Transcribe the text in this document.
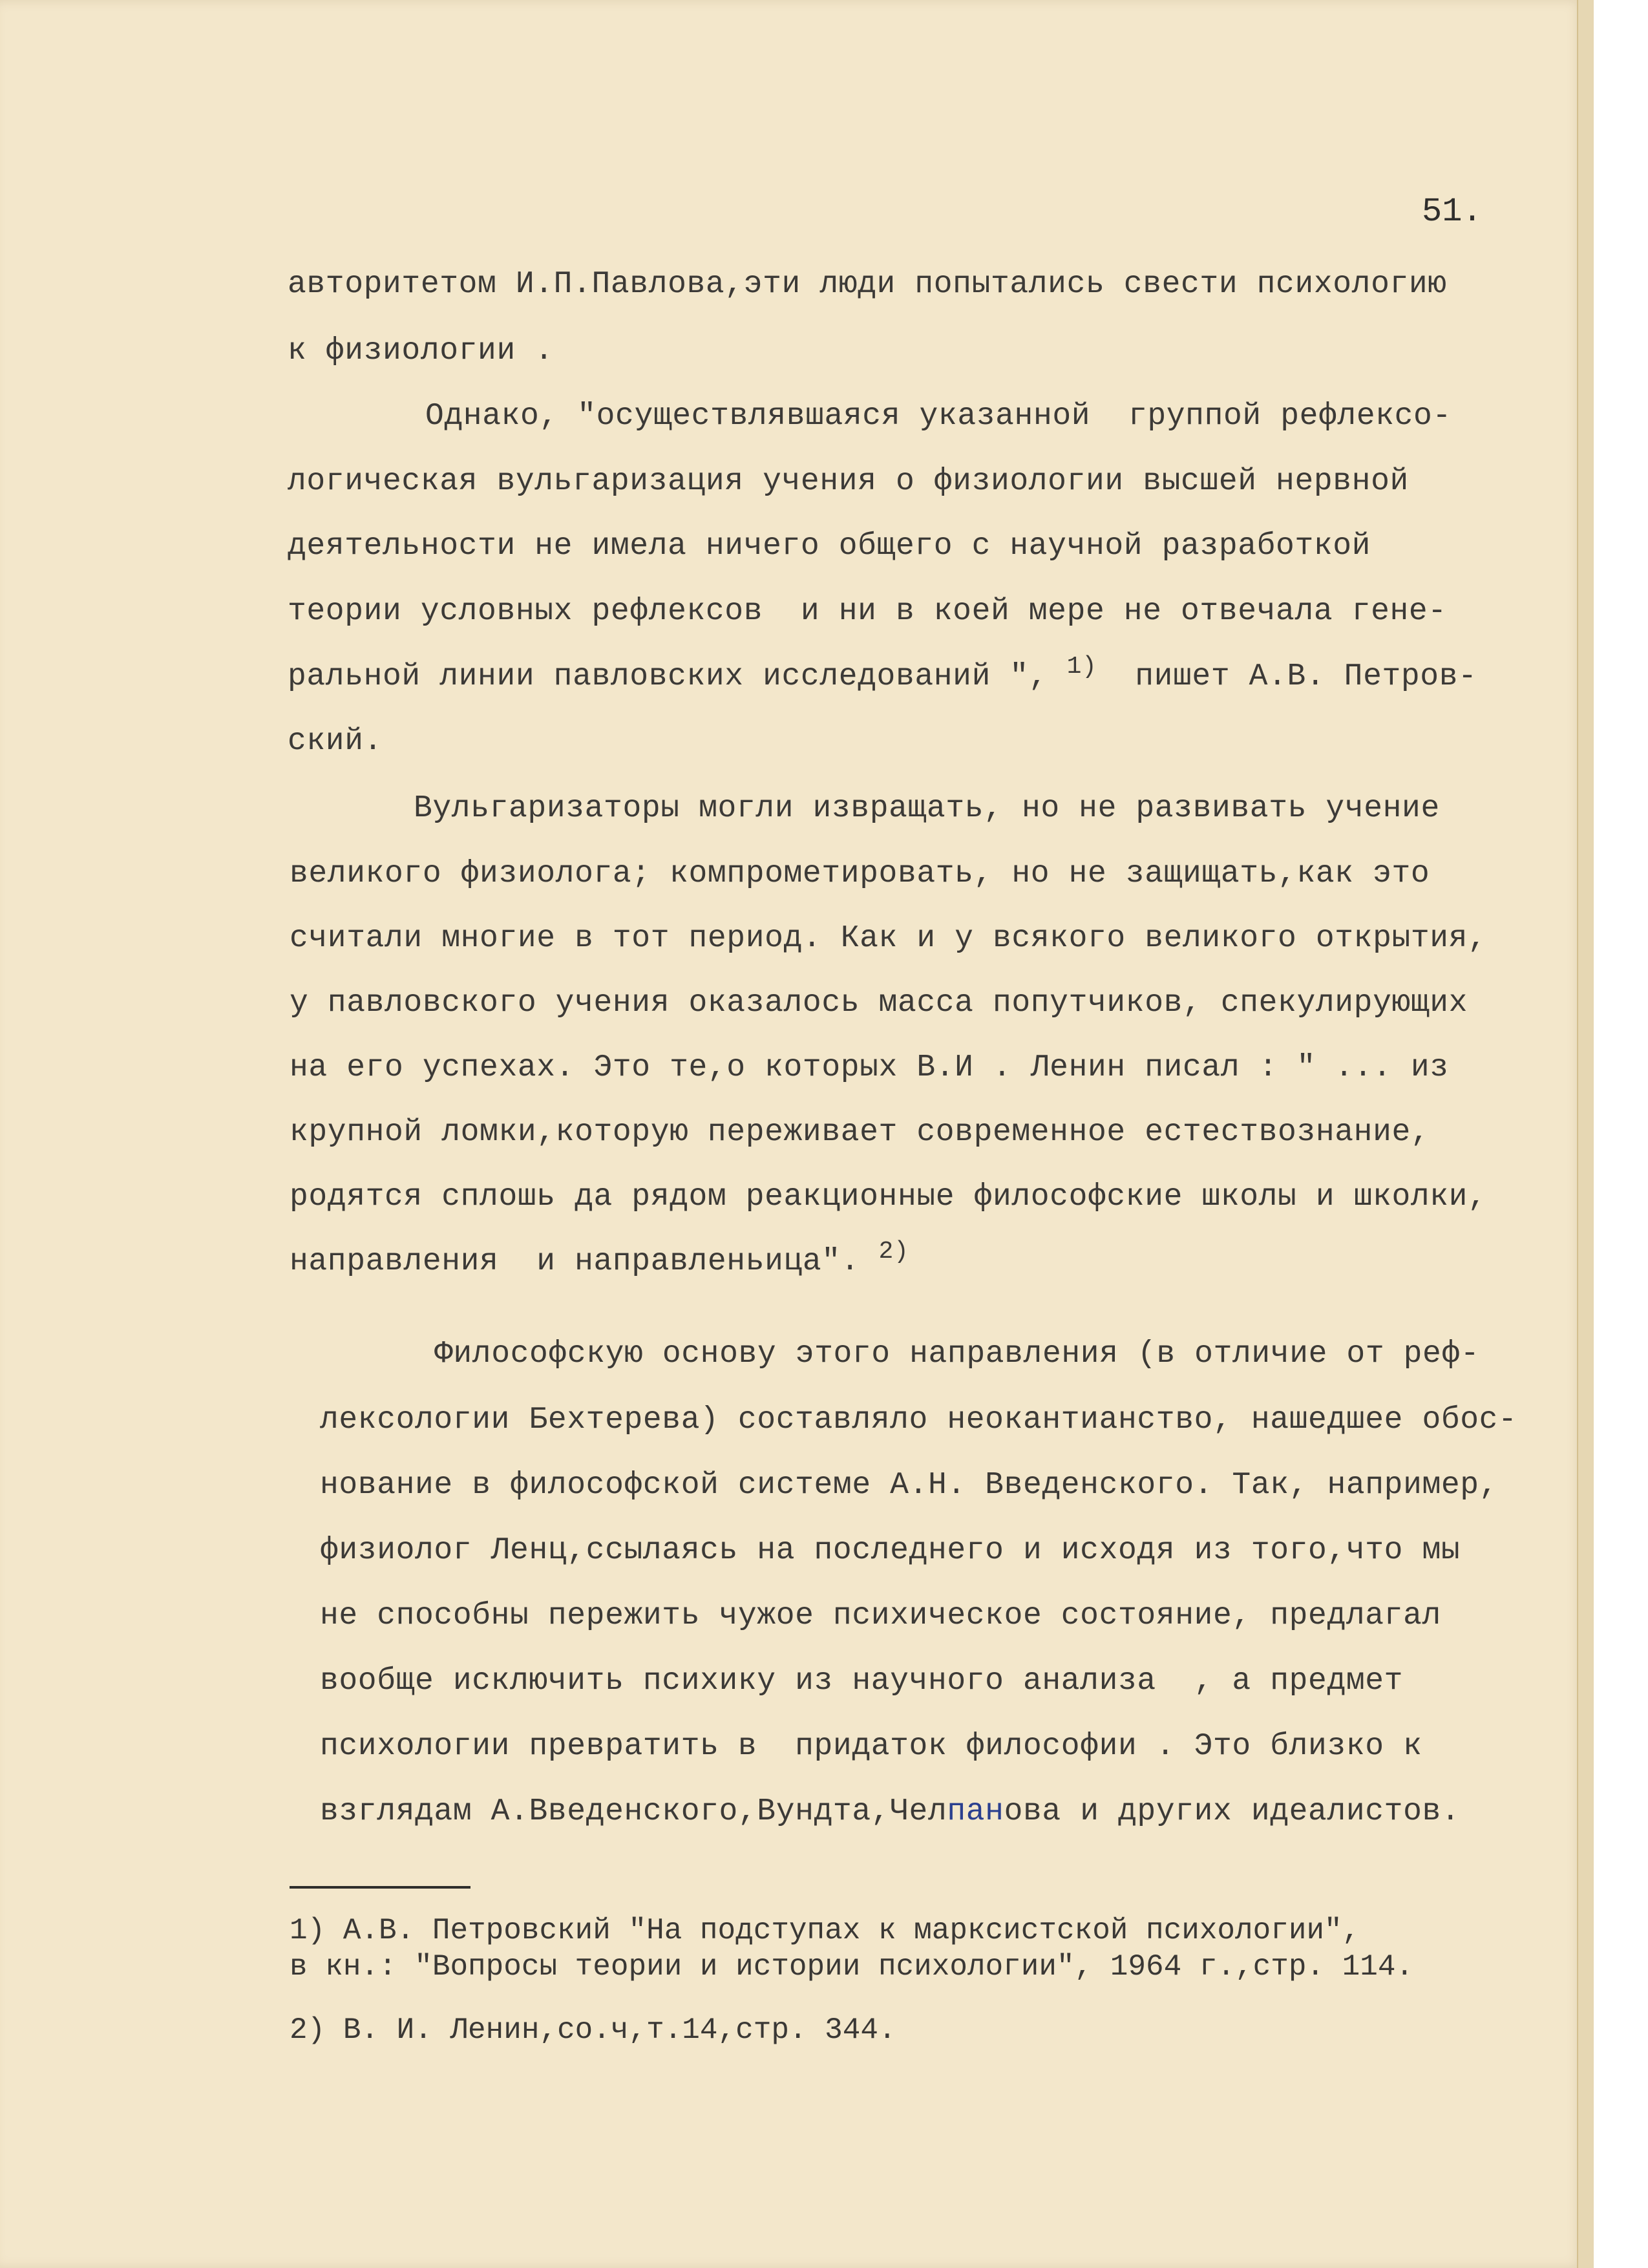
51.
авторитетом И.П.Павлова,эти люди попытались свести психологию
к физиологии .
Однако, "осуществлявшаяся указанной  группой рефлексо-
логическая вульгаризация учения о физиологии высшей нервной
деятельности не имела ничего общего с научной разработкой
теории условных рефлексов  и ни в коей мере не отвечала гене-
ральной линии павловских исследований ", $^{1)}$ пишет А.В. Петров-
ский.
Вульгаризаторы могли извращать, но не развивать учение
великого физиолога; компрометировать, но не защищать,как это
считали многие в тот период. Как и у всякого великого открытия,
у павловского учения оказалось масса попутчиков, спекулирующих
на его успехах. Это те,о которых В.И . Ленин писал : " ... из
крупной ломки,которую переживает современное естествознание,
родятся сплошь да рядом реакционные философские школы и школки,
направления  и направленьица". $^{2)}$
Философскую основу этого направления (в отличие от реф-
лексологии Бехтерева) составляло неокантианство, нашедшее обос-
нование в философской системе А.Н. Введенского. Так, например,
физиолог Ленц,ссылаясь на последнего и исходя из того,что мы
не способны пережить чужое психическое состояние, предлагал
вообще исключить психику из научного анализа  , а предмет
психологии превратить в  придаток философии . Это близко к
взглядам А.Введенского,Вундта,Челпанова и других идеалистов.
1) А.В. Петровский "На подступах к марксистской психологии",
в кн.: "Вопросы теории и истории психологии", 1964 г.,стр. 114.
2) В. И. Ленин,со.ч,т.14,стр. 344.
